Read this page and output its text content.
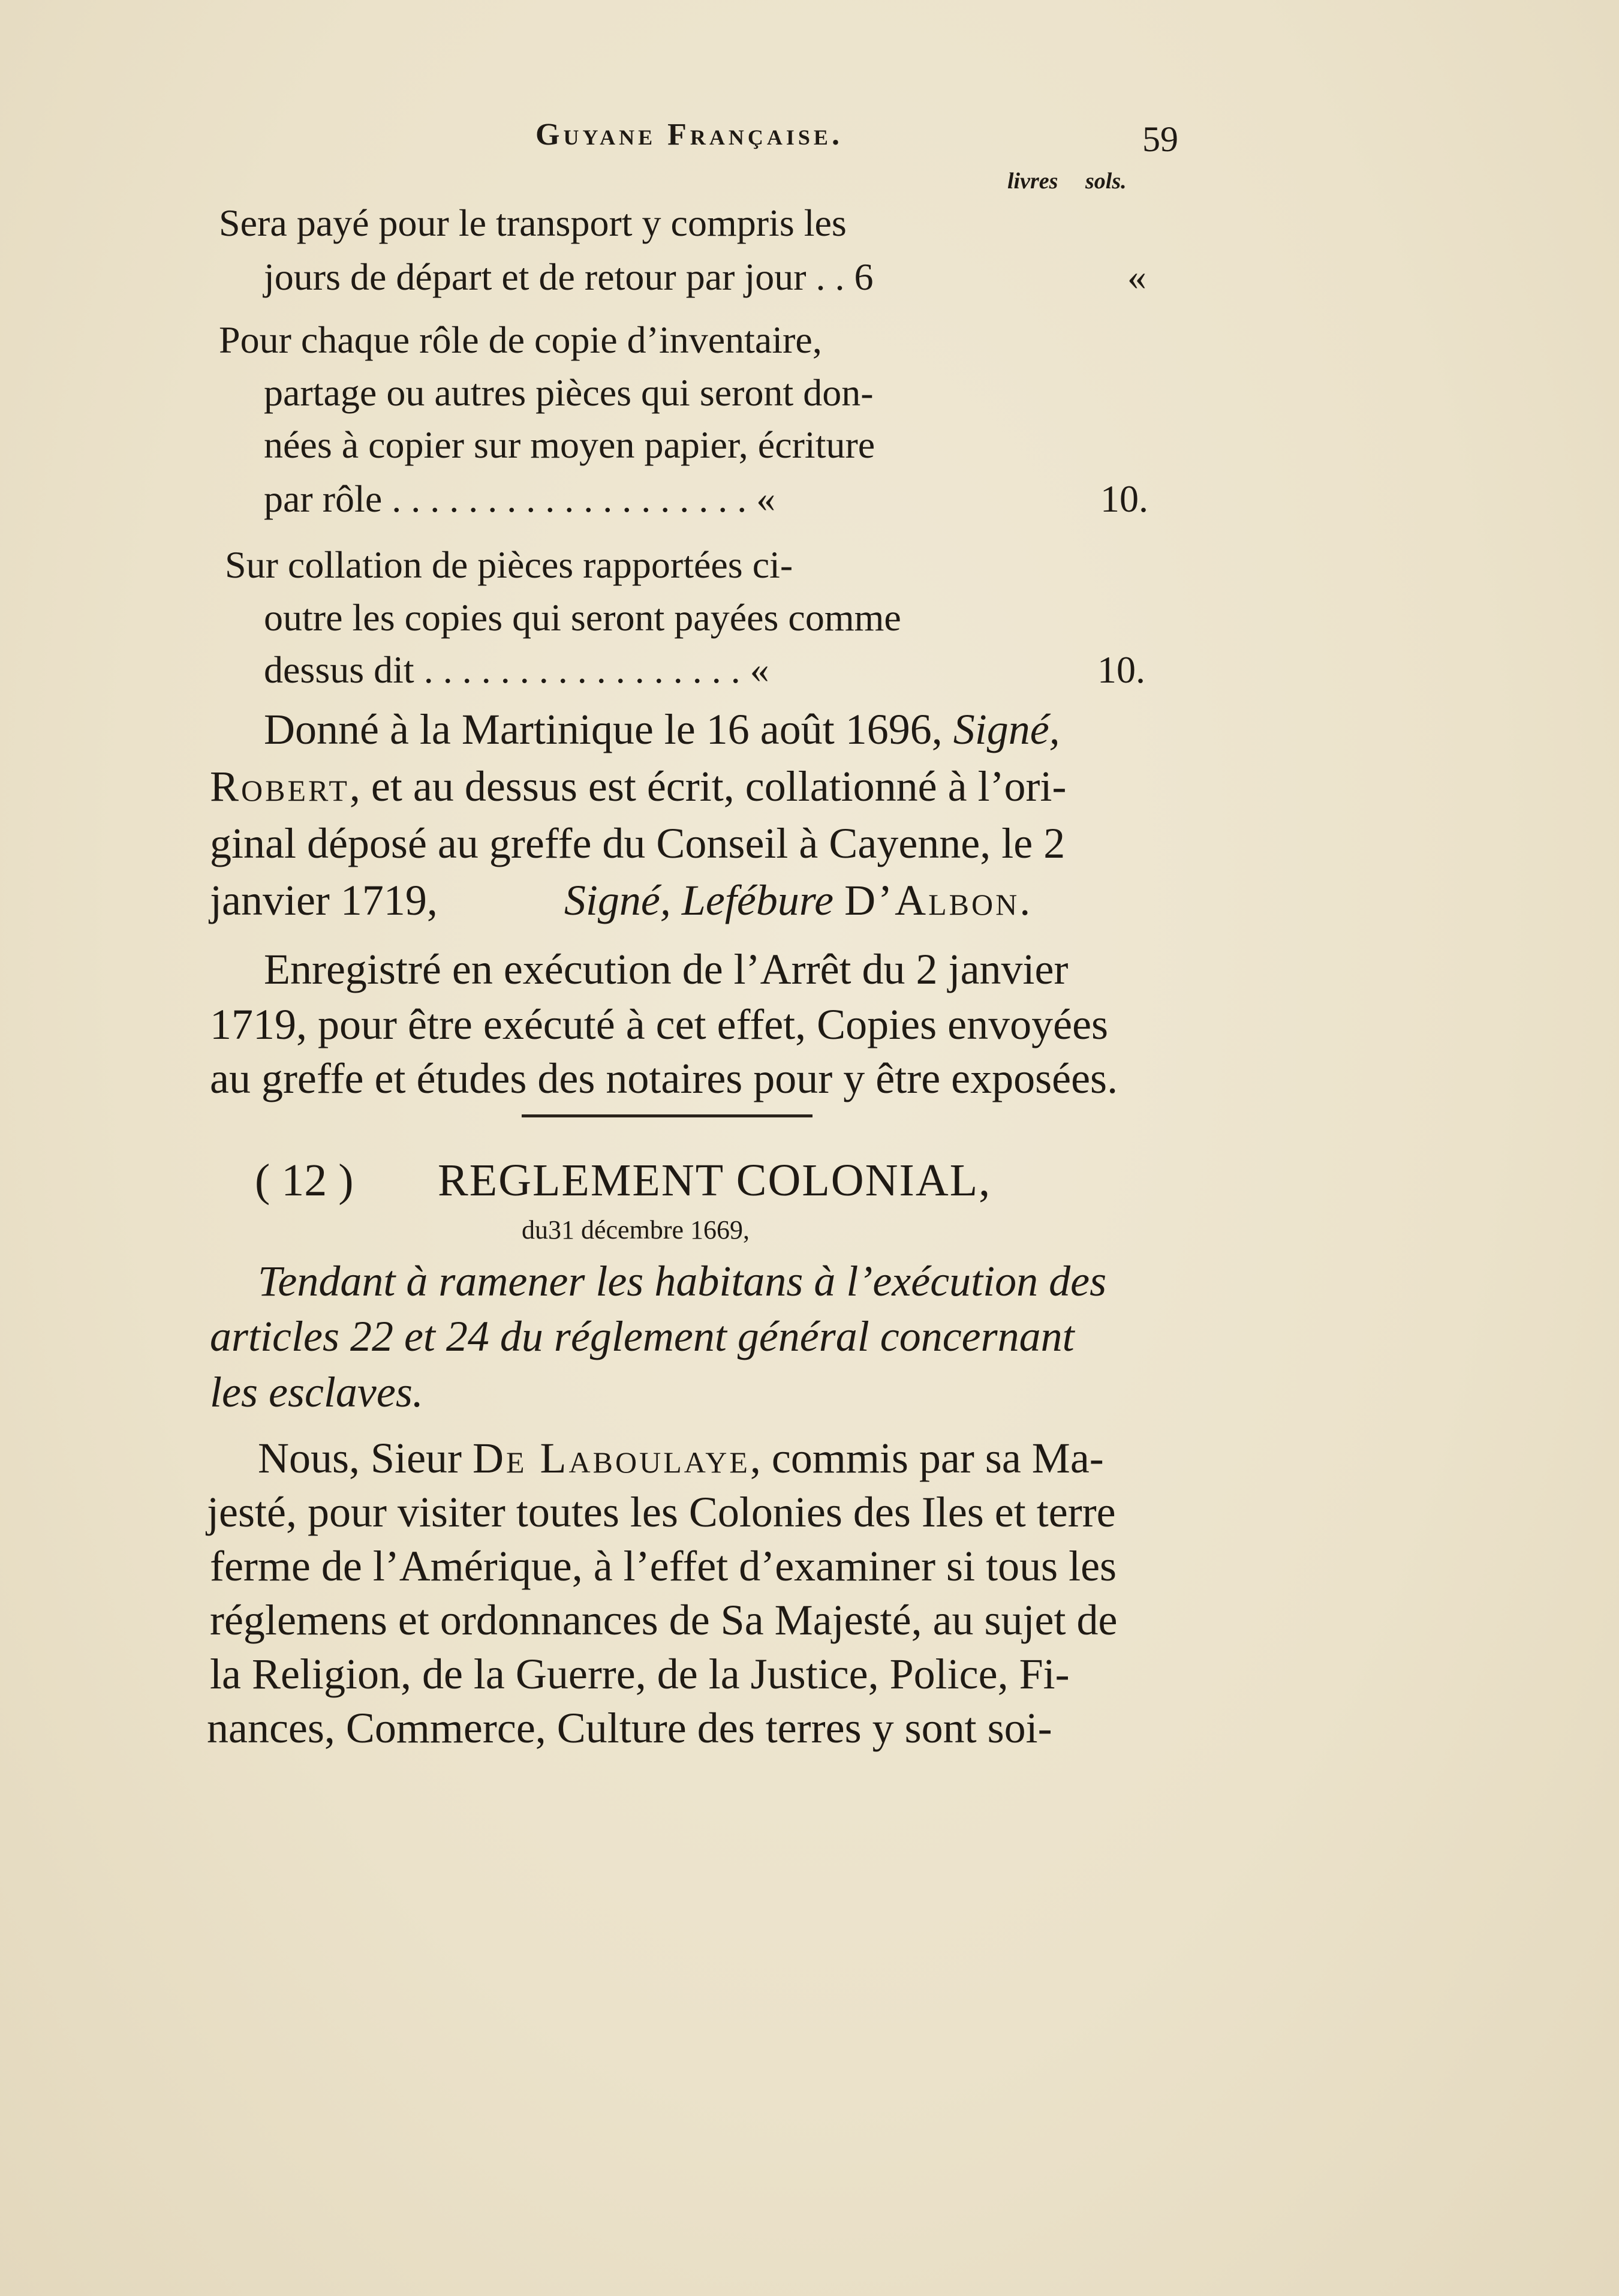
Guyane Française.	59
livres sols.
Sera payé pour le transport y compris les
jours de départ et de retour par jour . . 6	«
Pour chaque rôle de copie d’inventaire,
partage ou autres pièces qui seront don-
nées à copier sur moyen papier, écriture
par rôle . . . . . . . . . . . . . . . . . . . «	10.
Sur collation de pièces rapportées ci-
outre les copies qui seront payées comme
dessus dit . . . . . . . . . . . . . . . . . «	10.
Donné à la Martinique le 16 août 1696, Signé,
Robert, et au dessus est écrit, collationné à l’ori-
ginal déposé au greffe du Conseil à Cayenne, le 2
janvier 1719,	Signé, Lefébure D’Albon.
Enregistré en exécution de l’Arrêt du 2 janvier
1719, pour être exécuté à cet effet, Copies envoyées
au greffe et études des notaires pour y être exposées.
( 12 ) REGLEMENT COLONIAL,
du31 décembre 1669,
Tendant à ramener les habitans à l’exécution des
articles 22 et 24 du réglement général concernant
les esclaves.
Nous, Sieur De Laboulaye, commis par sa Ma-
jesté, pour visiter toutes les Colonies des Iles et terre
ferme de l’Amérique, à l’effet d’examiner si tous les
réglemens et ordonnances de Sa Majesté, au sujet de
la Religion, de la Guerre, de la Justice, Police, Fi-
nances, Commerce, Culture des terres y sont soi-
